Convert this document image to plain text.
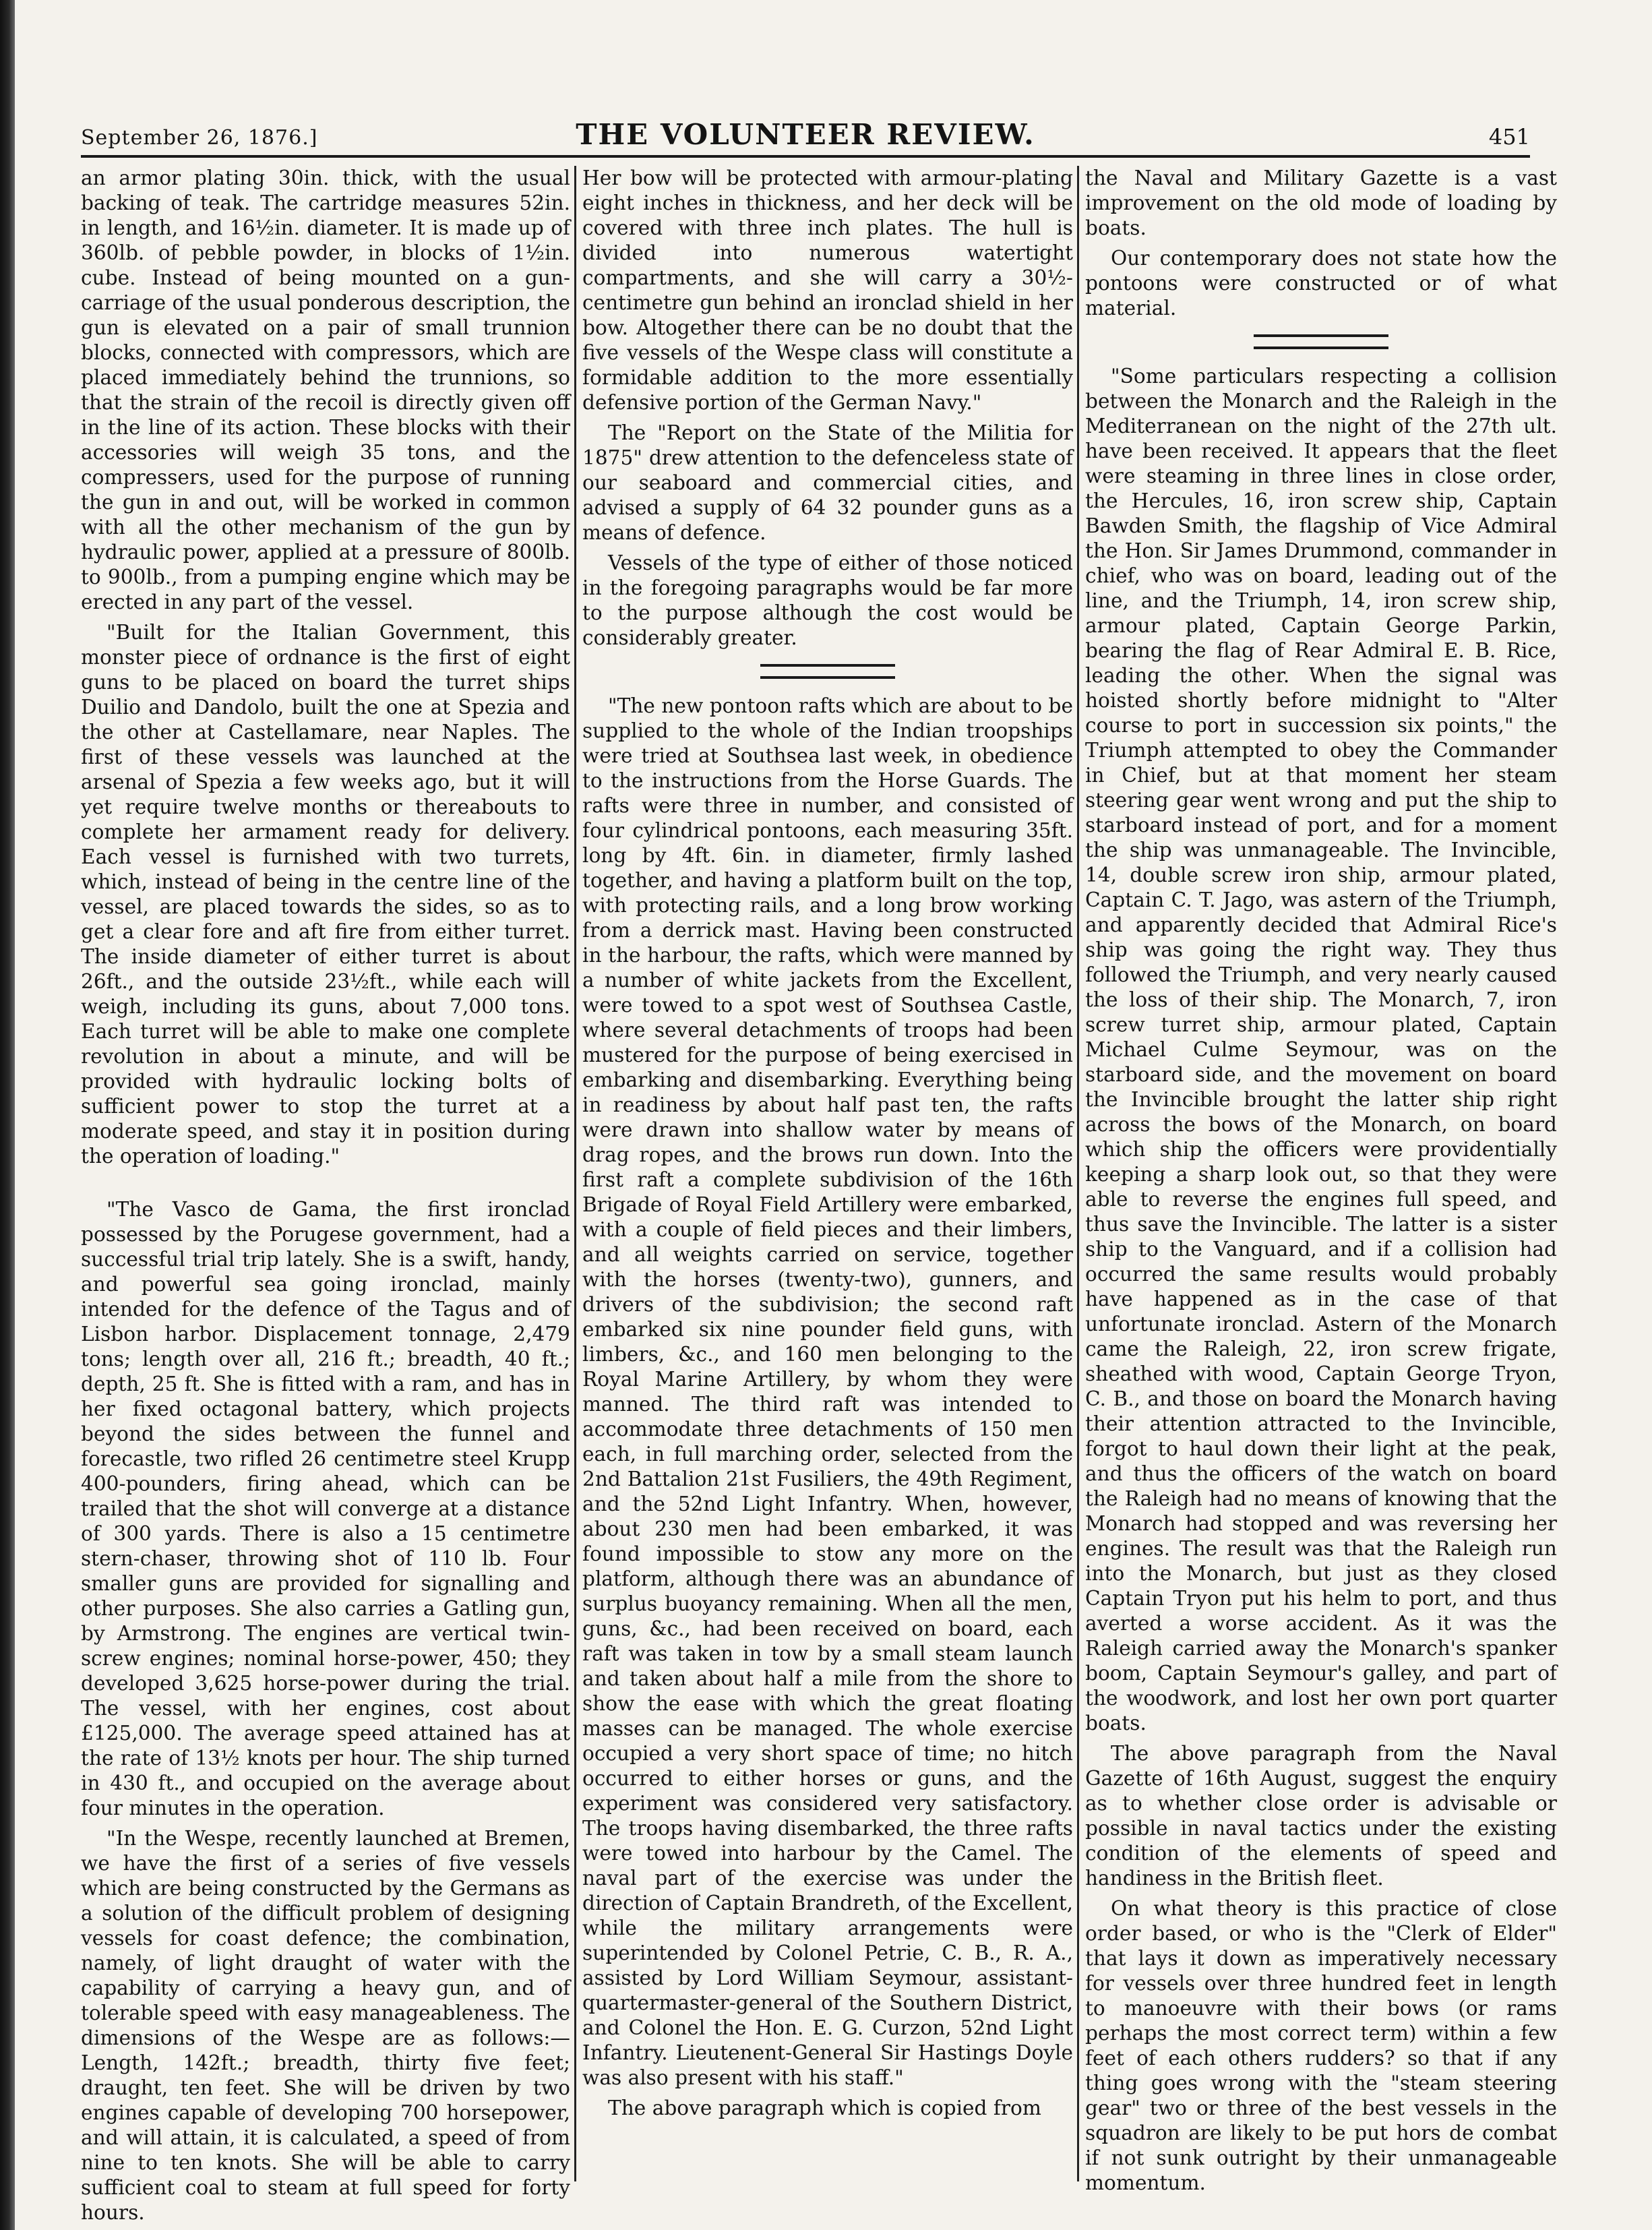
September 26, 1876.]	THE VOLUNTEER REVIEW.	451

an armor plating 30in. thick, with the usual backing of teak. The cartridge measures 52in. in length, and 16½in. diameter. It is made up of 360lb. of pebble powder, in blocks of 1½in. cube. Instead of being mounted on a gun-carriage of the usual ponderous description, the gun is elevated on a pair of small trunnion blocks, connected with compressors, which are placed immediately behind the trunnions, so that the strain of the recoil is directly given off in the line of its action. These blocks with their accessories will weigh 35 tons, and the compressers, used for the purpose of running the gun in and out, will be worked in common with all the other mechanism of the gun by hydraulic power, applied at a pressure of 800lb. to 900lb., from a pumping engine which may be erected in any part of the vessel.

"Built for the Italian Government, this monster piece of ordnance is the first of eight guns to be placed on board the turret ships Duilio and Dandolo, built the one at Spezia and the other at Castellamare, near Naples. The first of these vessels was launched at the arsenal of Spezia a few weeks ago, but it will yet require twelve months or thereabouts to complete her armament ready for delivery. Each vessel is furnished with two turrets, which, instead of being in the centre line of the vessel, are placed towards the sides, so as to get a clear fore and aft fire from either turret. The inside diameter of either turret is about 26ft., and the outside 23½ft., while each will weigh, including its guns, about 7,000 tons. Each turret will be able to make one complete revolution in about a minute, and will be provided with hydraulic locking bolts of sufficient power to stop the turret at a moderate speed, and stay it in position during the operation of loading."

"The Vasco de Gama, the first ironclad possessed by the Porugese government, had a successful trial trip lately. She is a swift, handy, and powerful sea going ironclad, mainly intended for the defence of the Tagus and of Lisbon harbor. Displacement tonnage, 2,479 tons; length over all, 216 ft.; breadth, 40 ft.; depth, 25 ft. She is fitted with a ram, and has in her fixed octagonal battery, which projects beyond the sides between the funnel and forecastle, two rifled 26 centimetre steel Krupp 400-pounders, firing ahead, which can be trailed that the shot will converge at a distance of 300 yards. There is also a 15 centimetre stern-chaser, throwing shot of 110 lb. Four smaller guns are provided for signalling and other purposes. She also carries a Gatling gun, by Armstrong. The engines are vertical twin-screw engines; nominal horse-power, 450; they developed 3,625 horse-power during the trial. The vessel, with her engines, cost about £125,000. The average speed attained has at the rate of 13½ knots per hour. The ship turned in 430 ft., and occupied on the average about four minutes in the operation.

"In the Wespe, recently launched at Bremen, we have the first of a series of five vessels which are being constructed by the Germans as a solution of the difficult problem of designing vessels for coast defence; the combination, namely, of light draught of water with the capability of carrying a heavy gun, and of tolerable speed with easy manageableness. The dimensions of the Wespe are as follows:—Length, 142ft.; breadth, thirty five feet; draught, ten feet. She will be driven by two engines capable of developing 700 horsepower, and will attain, it is calculated, a speed of from nine to ten knots. She will be able to carry sufficient coal to steam at full speed for forty hours.

Her bow will be protected with armour-plating eight inches in thickness, and her deck will be covered with three inch plates. The hull is divided into numerous watertight compartments, and she will carry a 30½-centimetre gun behind an ironclad shield in her bow. Altogether there can be no doubt that the five vessels of the Wespe class will constitute a formidable addition to the more essentially defensive portion of the German Navy."

The "Report on the State of the Militia for 1875" drew attention to the defenceless state of our seaboard and commercial cities, and advised a supply of 64 32 pounder guns as a means of defence.

Vessels of the type of either of those noticed in the foregoing paragraphs would be far more to the purpose although the cost would be considerably greater.

"The new pontoon rafts which are about to be supplied to the whole of the Indian troopships were tried at Southsea last week, in obedience to the instructions from the Horse Guards. The rafts were three in number, and consisted of four cylindrical pontoons, each measuring 35ft. long by 4ft. 6in. in diameter, firmly lashed together, and having a platform built on the top, with protecting rails, and a long brow working from a derrick mast. Having been constructed in the harbour, the rafts, which were manned by a number of white jackets from the Excellent, were towed to a spot west of Southsea Castle, where several detachments of troops had been mustered for the purpose of being exercised in embarking and disembarking. Everything being in readiness by about half past ten, the rafts were drawn into shallow water by means of drag ropes, and the brows run down. Into the first raft a complete subdivision of the 16th Brigade of Royal Field Artillery were embarked, with a couple of field pieces and their limbers, and all weights carried on service, together with the horses (twenty-two), gunners, and drivers of the subdivision; the second raft embarked six nine pounder field guns, with limbers, &c., and 160 men belonging to the Royal Marine Artillery, by whom they were manned. The third raft was intended to accommodate three detachments of 150 men each, in full marching order, selected from the 2nd Battalion 21st Fusiliers, the 49th Regiment, and the 52nd Light Infantry. When, however, about 230 men had been embarked, it was found impossible to stow any more on the platform, although there was an abundance of surplus buoyancy remaining. When all the men, guns, &c., had been received on board, each raft was taken in tow by a small steam launch and taken about half a mile from the shore to show the ease with which the great floating masses can be managed. The whole exercise occupied a very short space of time; no hitch occurred to either horses or guns, and the experiment was considered very satisfactory. The troops having disembarked, the three rafts were towed into harbour by the Camel. The naval part of the exercise was under the direction of Captain Brandreth, of the Excellent, while the military arrangements were superintended by Colonel Petrie, C. B., R. A., assisted by Lord William Seymour, assistant-quartermaster-general of the Southern District, and Colonel the Hon. E. G. Curzon, 52nd Light Infantry. Lieutenent-General Sir Hastings Doyle was also present with his staff."

The above paragraph which is copied from

the Naval and Military Gazette is a vast improvement on the old mode of loading by boats.

Our contemporary does not state how the pontoons were constructed or of what material.

"Some particulars respecting a collision between the Monarch and the Raleigh in the Mediterranean on the night of the 27th ult. have been received. It appears that the fleet were steaming in three lines in close order, the Hercules, 16, iron screw ship, Captain Bawden Smith, the flagship of Vice Admiral the Hon. Sir James Drummond, commander in chief, who was on board, leading out of the line, and the Triumph, 14, iron screw ship, armour plated, Captain George Parkin, bearing the flag of Rear Admiral E. B. Rice, leading the other. When the signal was hoisted shortly before midnight to "Alter course to port in succession six points," the Triumph attempted to obey the Commander in Chief, but at that moment her steam steering gear went wrong and put the ship to starboard instead of port, and for a moment the ship was unmanageable. The Invincible, 14, double screw iron ship, armour plated, Captain C. T. Jago, was astern of the Triumph, and apparently decided that Admiral Rice's ship was going the right way. They thus followed the Triumph, and very nearly caused the loss of their ship. The Monarch, 7, iron screw turret ship, armour plated, Captain Michael Culme Seymour, was on the starboard side, and the movement on board the Invincible brought the latter ship right across the bows of the Monarch, on board which ship the officers were providentially keeping a sharp look out, so that they were able to reverse the engines full speed, and thus save the Invincible. The latter is a sister ship to the Vanguard, and if a collision had occurred the same results would probably have happened as in the case of that unfortunate ironclad. Astern of the Monarch came the Raleigh, 22, iron screw frigate, sheathed with wood, Captain George Tryon, C. B., and those on board the Monarch having their attention attracted to the Invincible, forgot to haul down their light at the peak, and thus the officers of the watch on board the Raleigh had no means of knowing that the Monarch had stopped and was reversing her engines. The result was that the Raleigh run into the Monarch, but just as they closed Captain Tryon put his helm to port, and thus averted a worse accident. As it was the Raleigh carried away the Monarch's spanker boom, Captain Seymour's galley, and part of the woodwork, and lost her own port quarter boats.

The above paragraph from the Naval Gazette of 16th August, suggest the enquiry as to whether close order is advisable or possible in naval tactics under the existing condition of the elements of speed and handiness in the British fleet.

On what theory is this practice of close order based, or who is the "Clerk of Elder" that lays it down as imperatively necessary for vessels over three hundred feet in length to manoeuvre with their bows (or rams perhaps the most correct term) within a few feet of each others rudders? so that if any thing goes wrong with the "steam steering gear" two or three of the best vessels in the squadron are likely to be put hors de combat if not sunk outright by their unmanageable momentum.
